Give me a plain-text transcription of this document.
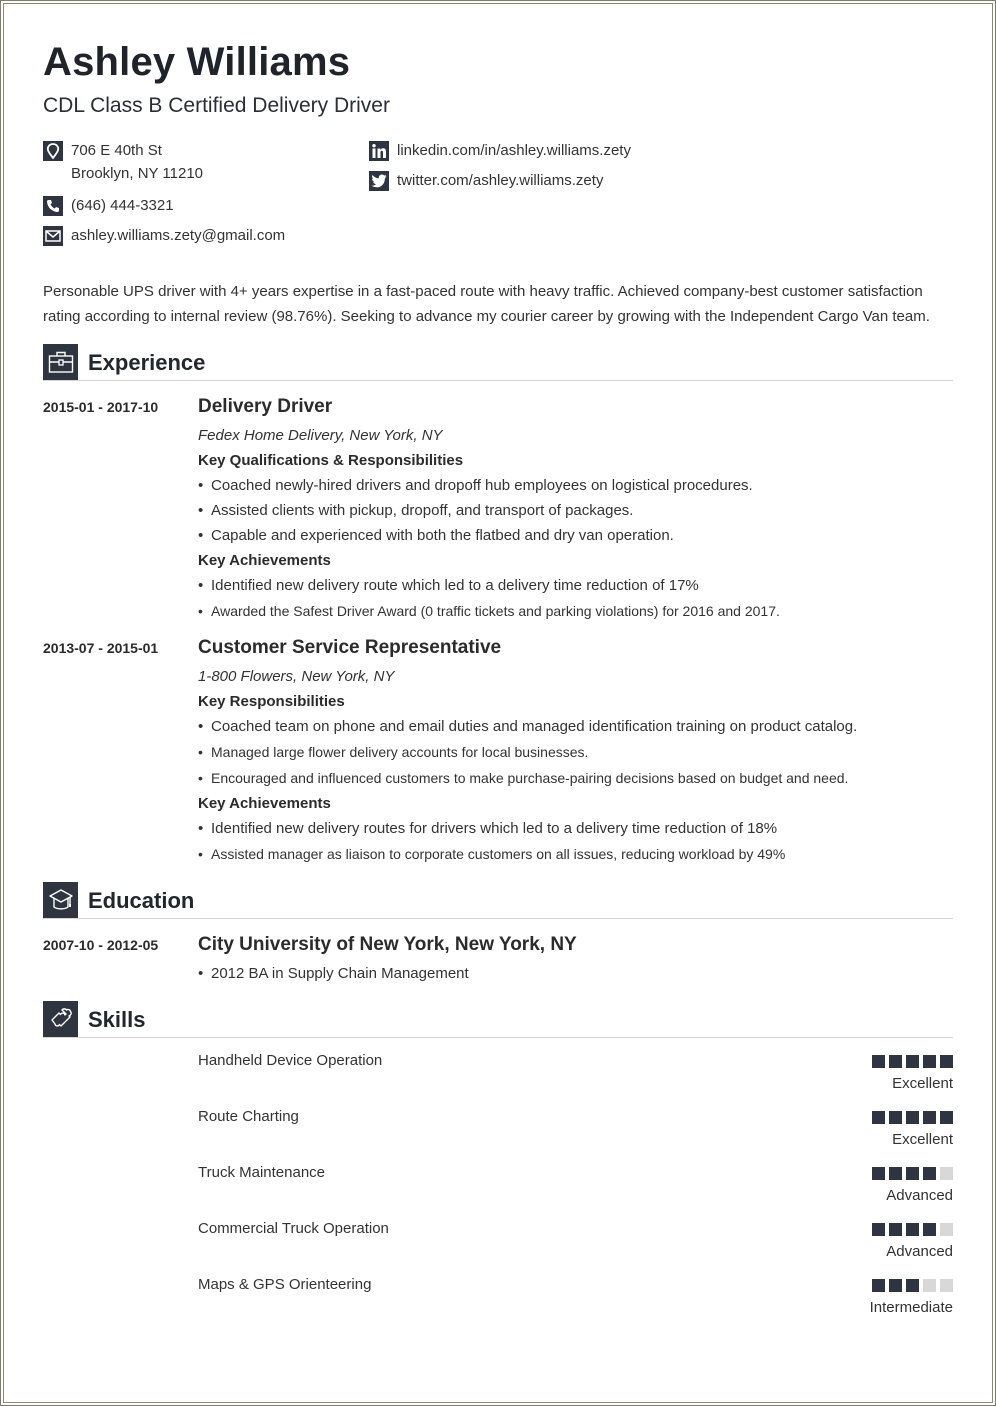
Ashley Williams
CDL Class B Certified Delivery Driver
706 E 40th St
Brooklyn, NY 11210
(646) 444-3321
ashley.williams.zety@gmail.com
linkedin.com/in/ashley.williams.zety
twitter.com/ashley.williams.zety
Personable UPS driver with 4+ years expertise in a fast-paced route with heavy traffic. Achieved company-best customer satisfaction rating according to internal review (98.76%). Seeking to advance my courier career by growing with the Independent Cargo Van team.
Experience
2015-01 - 2017-10 Delivery Driver
Fedex Home Delivery, New York, NY
Key Qualifications & Responsibilities
• Coached newly-hired drivers and dropoff hub employees on logistical procedures.
• Assisted clients with pickup, dropoff, and transport of packages.
• Capable and experienced with both the flatbed and dry van operation.
Key Achievements
• Identified new delivery route which led to a delivery time reduction of 17%
• Awarded the Safest Driver Award (0 traffic tickets and parking violations) for 2016 and 2017.
2013-07 - 2015-01 Customer Service Representative
1-800 Flowers, New York, NY
Key Responsibilities
• Coached team on phone and email duties and managed identification training on product catalog.
• Managed large flower delivery accounts for local businesses.
• Encouraged and influenced customers to make purchase-pairing decisions based on budget and need.
Key Achievements
• Identified new delivery routes for drivers which led to a delivery time reduction of 18%
• Assisted manager as liaison to corporate customers on all issues, reducing workload by 49%
Education
2007-10 - 2012-05 City University of New York, New York, NY
• 2012 BA in Supply Chain Management
Skills
Handheld Device Operation
Excellent
Route Charting
Excellent
Truck Maintenance
Advanced
Commercial Truck Operation
Advanced
Maps & GPS Orienteering
Intermediate
